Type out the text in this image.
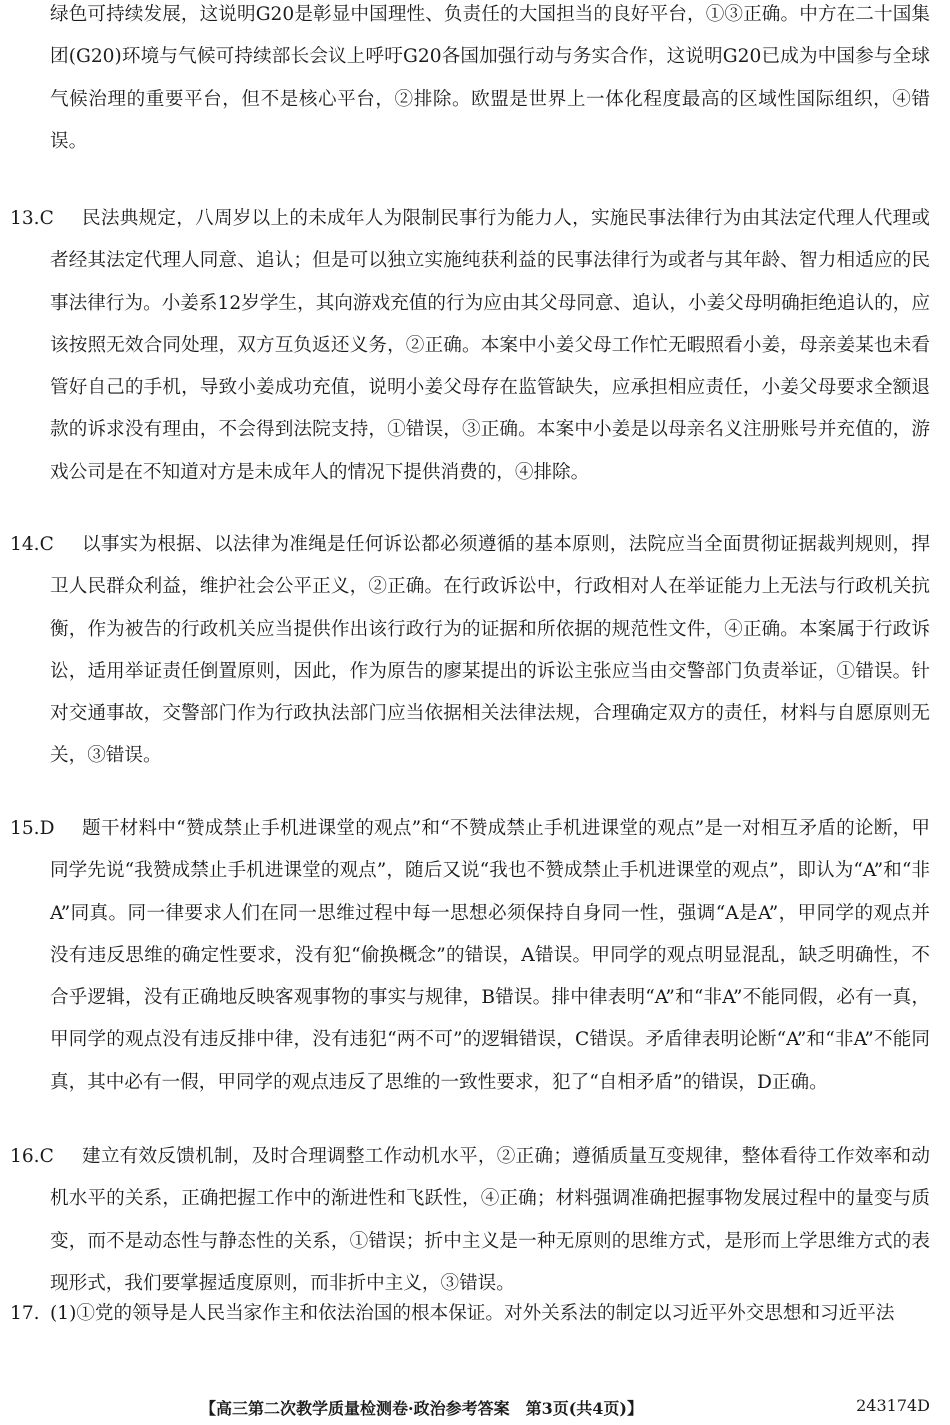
绿色可持续发展，这说明G20是彰显中国理性、负责任的大国担当的良好平台，①③正确。中方在二十国集团(G20)环境与气候可持续部长会议上呼吁G20各国加强行动与务实合作，这说明G20已成为中国参与全球气候治理的重要平台，但不是核心平台，②排除。欧盟是世界上一体化程度最高的区域性国际组织，④错误。
13.C	民法典规定，八周岁以上的未成年人为限制民事行为能力人，实施民事法律行为由其法定代理人代理或者经其法定代理人同意、追认；但是可以独立实施纯获利益的民事法律行为或者与其年龄、智力相适应的民事法律行为。小姜系12岁学生，其向游戏充值的行为应由其父母同意、追认，小姜父母明确拒绝追认的，应该按照无效合同处理，双方互负返还义务，②正确。本案中小姜父母工作忙无暇照看小姜，母亲姜某也未看管好自己的手机，导致小姜成功充值，说明小姜父母存在监管缺失，应承担相应责任，小姜父母要求全额退款的诉求没有理由，不会得到法院支持，①错误，③正确。本案中小姜是以母亲名义注册账号并充值的，游戏公司是在不知道对方是未成年人的情况下提供消费的，④排除。
14.C	以事实为根据、以法律为准绳是任何诉讼都必须遵循的基本原则，法院应当全面贯彻证据裁判规则，捍卫人民群众利益，维护社会公平正义，②正确。在行政诉讼中，行政相对人在举证能力上无法与行政机关抗衡，作为被告的行政机关应当提供作出该行政行为的证据和所依据的规范性文件，④正确。本案属于行政诉讼，适用举证责任倒置原则，因此，作为原告的廖某提出的诉讼主张应当由交警部门负责举证，①错误。针对交通事故，交警部门作为行政执法部门应当依据相关法律法规，合理确定双方的责任，材料与自愿原则无关，③错误。
15.D	题干材料中“赞成禁止手机进课堂的观点”和“不赞成禁止手机进课堂的观点”是一对相互矛盾的论断，甲同学先说“我赞成禁止手机进课堂的观点”，随后又说“我也不赞成禁止手机进课堂的观点”，即认为“A”和“非A”同真。同一律要求人们在同一思维过程中每一思想必须保持自身同一性，强调“A是A”，甲同学的观点并没有违反思维的确定性要求，没有犯“偷换概念”的错误，A错误。甲同学的观点明显混乱，缺乏明确性，不合乎逻辑，没有正确地反映客观事物的事实与规律，B错误。排中律表明“A”和“非A”不能同假，必有一真，甲同学的观点没有违反排中律，没有违犯“两不可”的逻辑错误，C错误。矛盾律表明论断“A”和“非A”不能同真，其中必有一假，甲同学的观点违反了思维的一致性要求，犯了“自相矛盾”的错误，D正确。
16.C	建立有效反馈机制，及时合理调整工作动机水平，②正确；遵循质量互变规律，整体看待工作效率和动机水平的关系，正确把握工作中的渐进性和飞跃性，④正确；材料强调准确把握事物发展过程中的量变与质变，而不是动态性与静态性的关系，①错误；折中主义是一种无原则的思维方式，是形而上学思维方式的表现形式，我们要掌握适度原则，而非折中主义，③错误。
17. (1)①党的领导是人民当家作主和依法治国的根本保证。对外关系法的制定以习近平外交思想和习近平法
【高三第二次教学质量检测卷·政治参考答案　第3页(共4页)】	243174D
